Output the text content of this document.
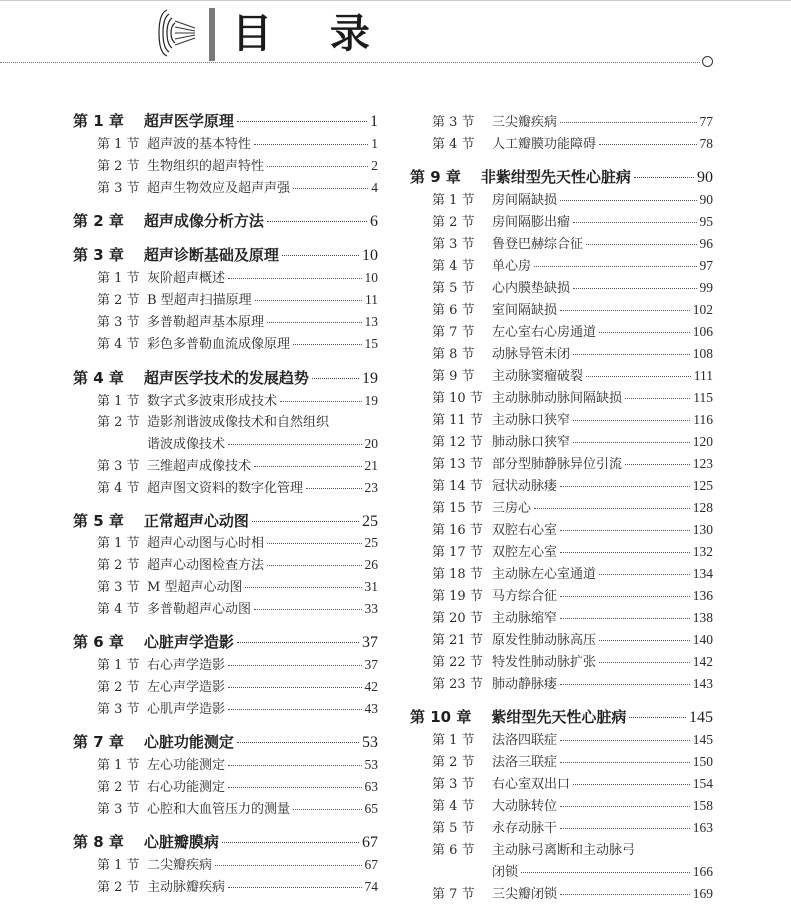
目 录
第 1 章 超声医学原理	1
第 1 节 超声波的基本特性	1
第 2 节 生物组织的超声特性	2
第 3 节 超声生物效应及超声声强	4
第 2 章 超声成像分析方法	6
第 3 章 超声诊断基础及原理	10
第 1 节 灰阶超声概述	10
第 2 节 B 型超声扫描原理	11
第 3 节 多普勒超声基本原理	13
第 4 节 彩色多普勒血流成像原理	15
第 4 章 超声医学技术的发展趋势	19
第 1 节 数字式多波束形成技术	19
第 2 节 造影剂谐波成像技术和自然组织
谐波成像技术	20
第 3 节 三维超声成像技术	21
第 4 节 超声图文资料的数字化管理	23
第 5 章 正常超声心动图	25
第 1 节 超声心动图与心时相	25
第 2 节 超声心动图检查方法	26
第 3 节 M 型超声心动图	31
第 4 节 多普勒超声心动图	33
第 6 章 心脏声学造影	37
第 1 节 右心声学造影	37
第 2 节 左心声学造影	42
第 3 节 心肌声学造影	43
第 7 章 心脏功能测定	53
第 1 节 左心功能测定	53
第 2 节 右心功能测定	63
第 3 节 心腔和大血管压力的测量	65
第 8 章 心脏瓣膜病	67
第 1 节 二尖瓣疾病	67
第 2 节 主动脉瓣疾病	74
第 3 节	三尖瓣疾病	77
第 4 节	人工瓣膜功能障碍	78
第 9 章 非紫绀型先天性心脏病	90
第 1 节	房间隔缺损	90
第 2 节	房间隔膨出瘤	95
第 3 节	鲁登巴赫综合征	96
第 4 节	单心房	97
第 5 节	心内膜垫缺损	99
第 6 节	室间隔缺损	102
第 7 节	左心室右心房通道	106
第 8 节	动脉导管未闭	108
第 9 节	主动脉窦瘤破裂	111
第 10 节 主动脉肺动脉间隔缺损	115
第 11 节 主动脉口狭窄	116
第 12 节 肺动脉口狭窄	120
第 13 节 部分型肺静脉异位引流	123
第 14 节 冠状动脉瘘	125
第 15 节 三房心	128
第 16 节 双腔右心室	130
第 17 节 双腔左心室	132
第 18 节 主动脉左心室通道	134
第 19 节 马方综合征	136
第 20 节 主动脉缩窄	138
第 21 节 原发性肺动脉高压	140
第 22 节 特发性肺动脉扩张	142
第 23 节 肺动静脉瘘	143
第 10 章 紫绀型先天性心脏病	145
第 1 节	法洛四联症	145
第 2 节	法洛三联症	150
第 3 节	右心室双出口	154
第 4 节	大动脉转位	158
第 5 节	永存动脉干	163
第 6 节	主动脉弓离断和主动脉弓
闭锁	166
第 7 节	三尖瓣闭锁	169
